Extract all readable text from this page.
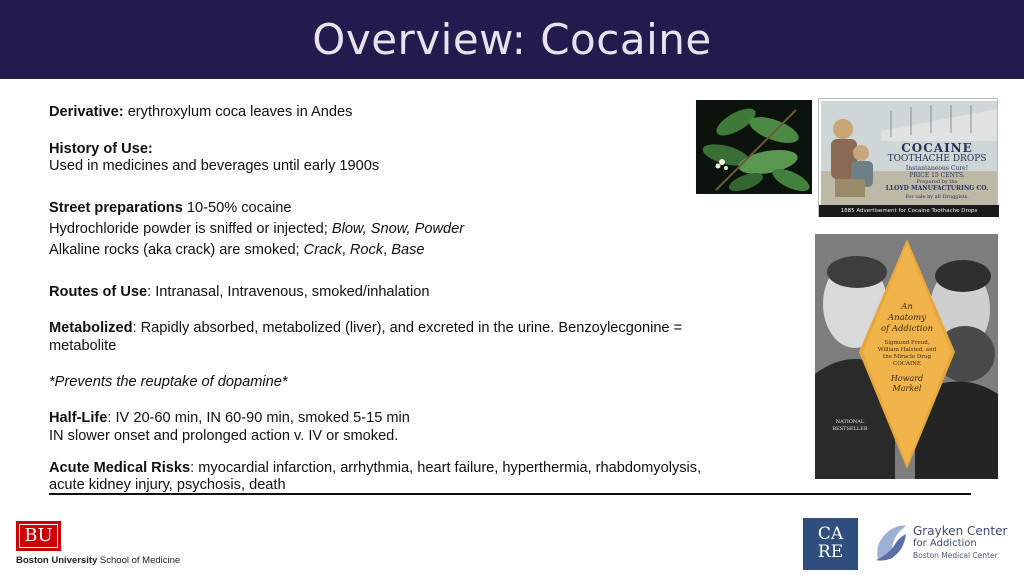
Overview: Cocaine

Derivative: erythroxylum coca leaves in Andes

History of Use:

Used in medicines and beverages until early 1900s

Street preparations 10-50% cocaine

Hydrochloride powder is sniffed or injected; Blow, Snow, Powder

Alkaline rocks (aka crack) are smoked; Crack, Rock, Base

Routes of Use: Intranasal, Intravenous, smoked/inhalation

Metabolized: Rapidly absorbed, metabolized (liver), and excreted in the urine. Benzoylecgonine =

metabolite

*Prevents the reuptake of dopamine*

Half-Life: IV 20-60 min, IN 60-90 min, smoked 5-15 min

IN slower onset and prolonged action v. IV or smoked.

Acute Medical Risks: myocardial infarction, arrhythmia, heart failure, hyperthermia, rhabdomyolysis,

acute kidney injury, psychosis, death

COCAINE
TOOTHACHE DROPS
Instantaneous Cure!
PRICE 15 CENTS.
Prepared by the
LLOYD MANUFACTURING CO.
For sale by all Druggists.
1885 Advertisement for Cocaine Toothache Drops
An
Anatomy
of Addiction
Sigmund Freud,
William Halsted, and
the Miracle Drug
COCAINE
Howard
Markel
NATIONAL
BESTSELLER
BU
Boston University School of Medicine
CA
RE
Grayken Center
for Addiction
Boston Medical Center
